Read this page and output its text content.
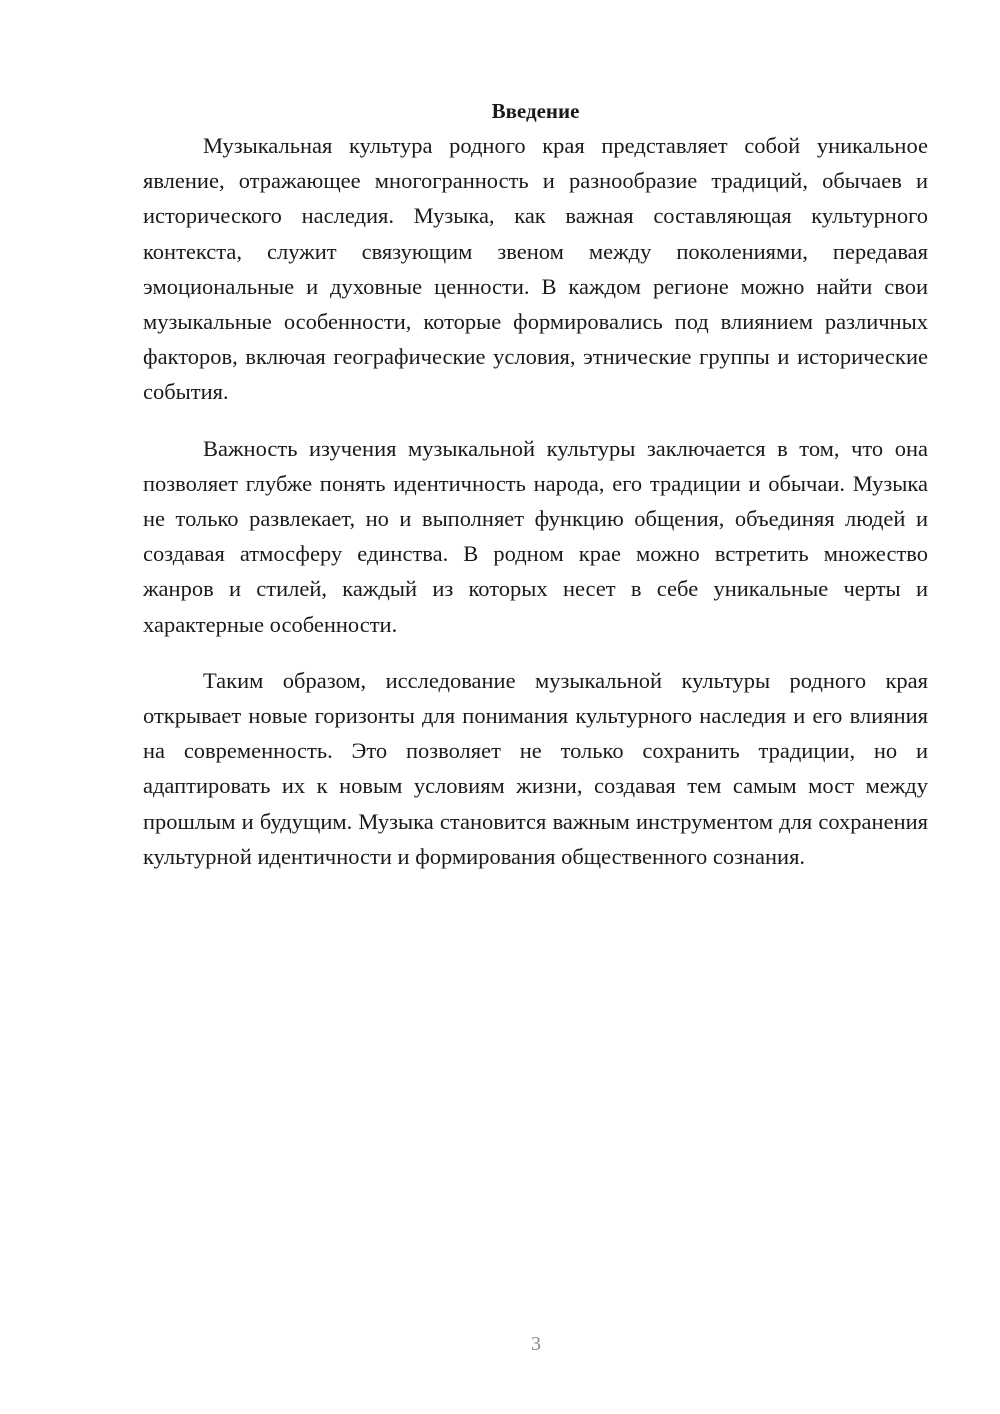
Введение

Музыкальная культура родного края представляет собой уникальное явление, отражающее многогранность и разнообразие традиций, обычаев и исторического наследия. Музыка, как важная составляющая культурного контекста, служит связующим звеном между поколениями, передавая эмоциональные и духовные ценности. В каждом регионе можно найти свои музыкальные особенности, которые формировались под влиянием различных факторов, включая географические условия, этнические группы и исторические события.

Важность изучения музыкальной культуры заключается в том, что она позволяет глубже понять идентичность народа, его традиции и обычаи. Музыка не только развлекает, но и выполняет функцию общения, объединяя людей и создавая атмосферу единства. В родном крае можно встретить множество жанров и стилей, каждый из которых несет в себе уникальные черты и характерные особенности.

Таким образом, исследование музыкальной культуры родного края открывает новые горизонты для понимания культурного наследия и его влияния на современность. Это позволяет не только сохранить традиции, но и адаптировать их к новым условиям жизни, создавая тем самым мост между прошлым и будущим. Музыка становится важным инструментом для сохранения культурной идентичности и формирования общественного сознания.

3
